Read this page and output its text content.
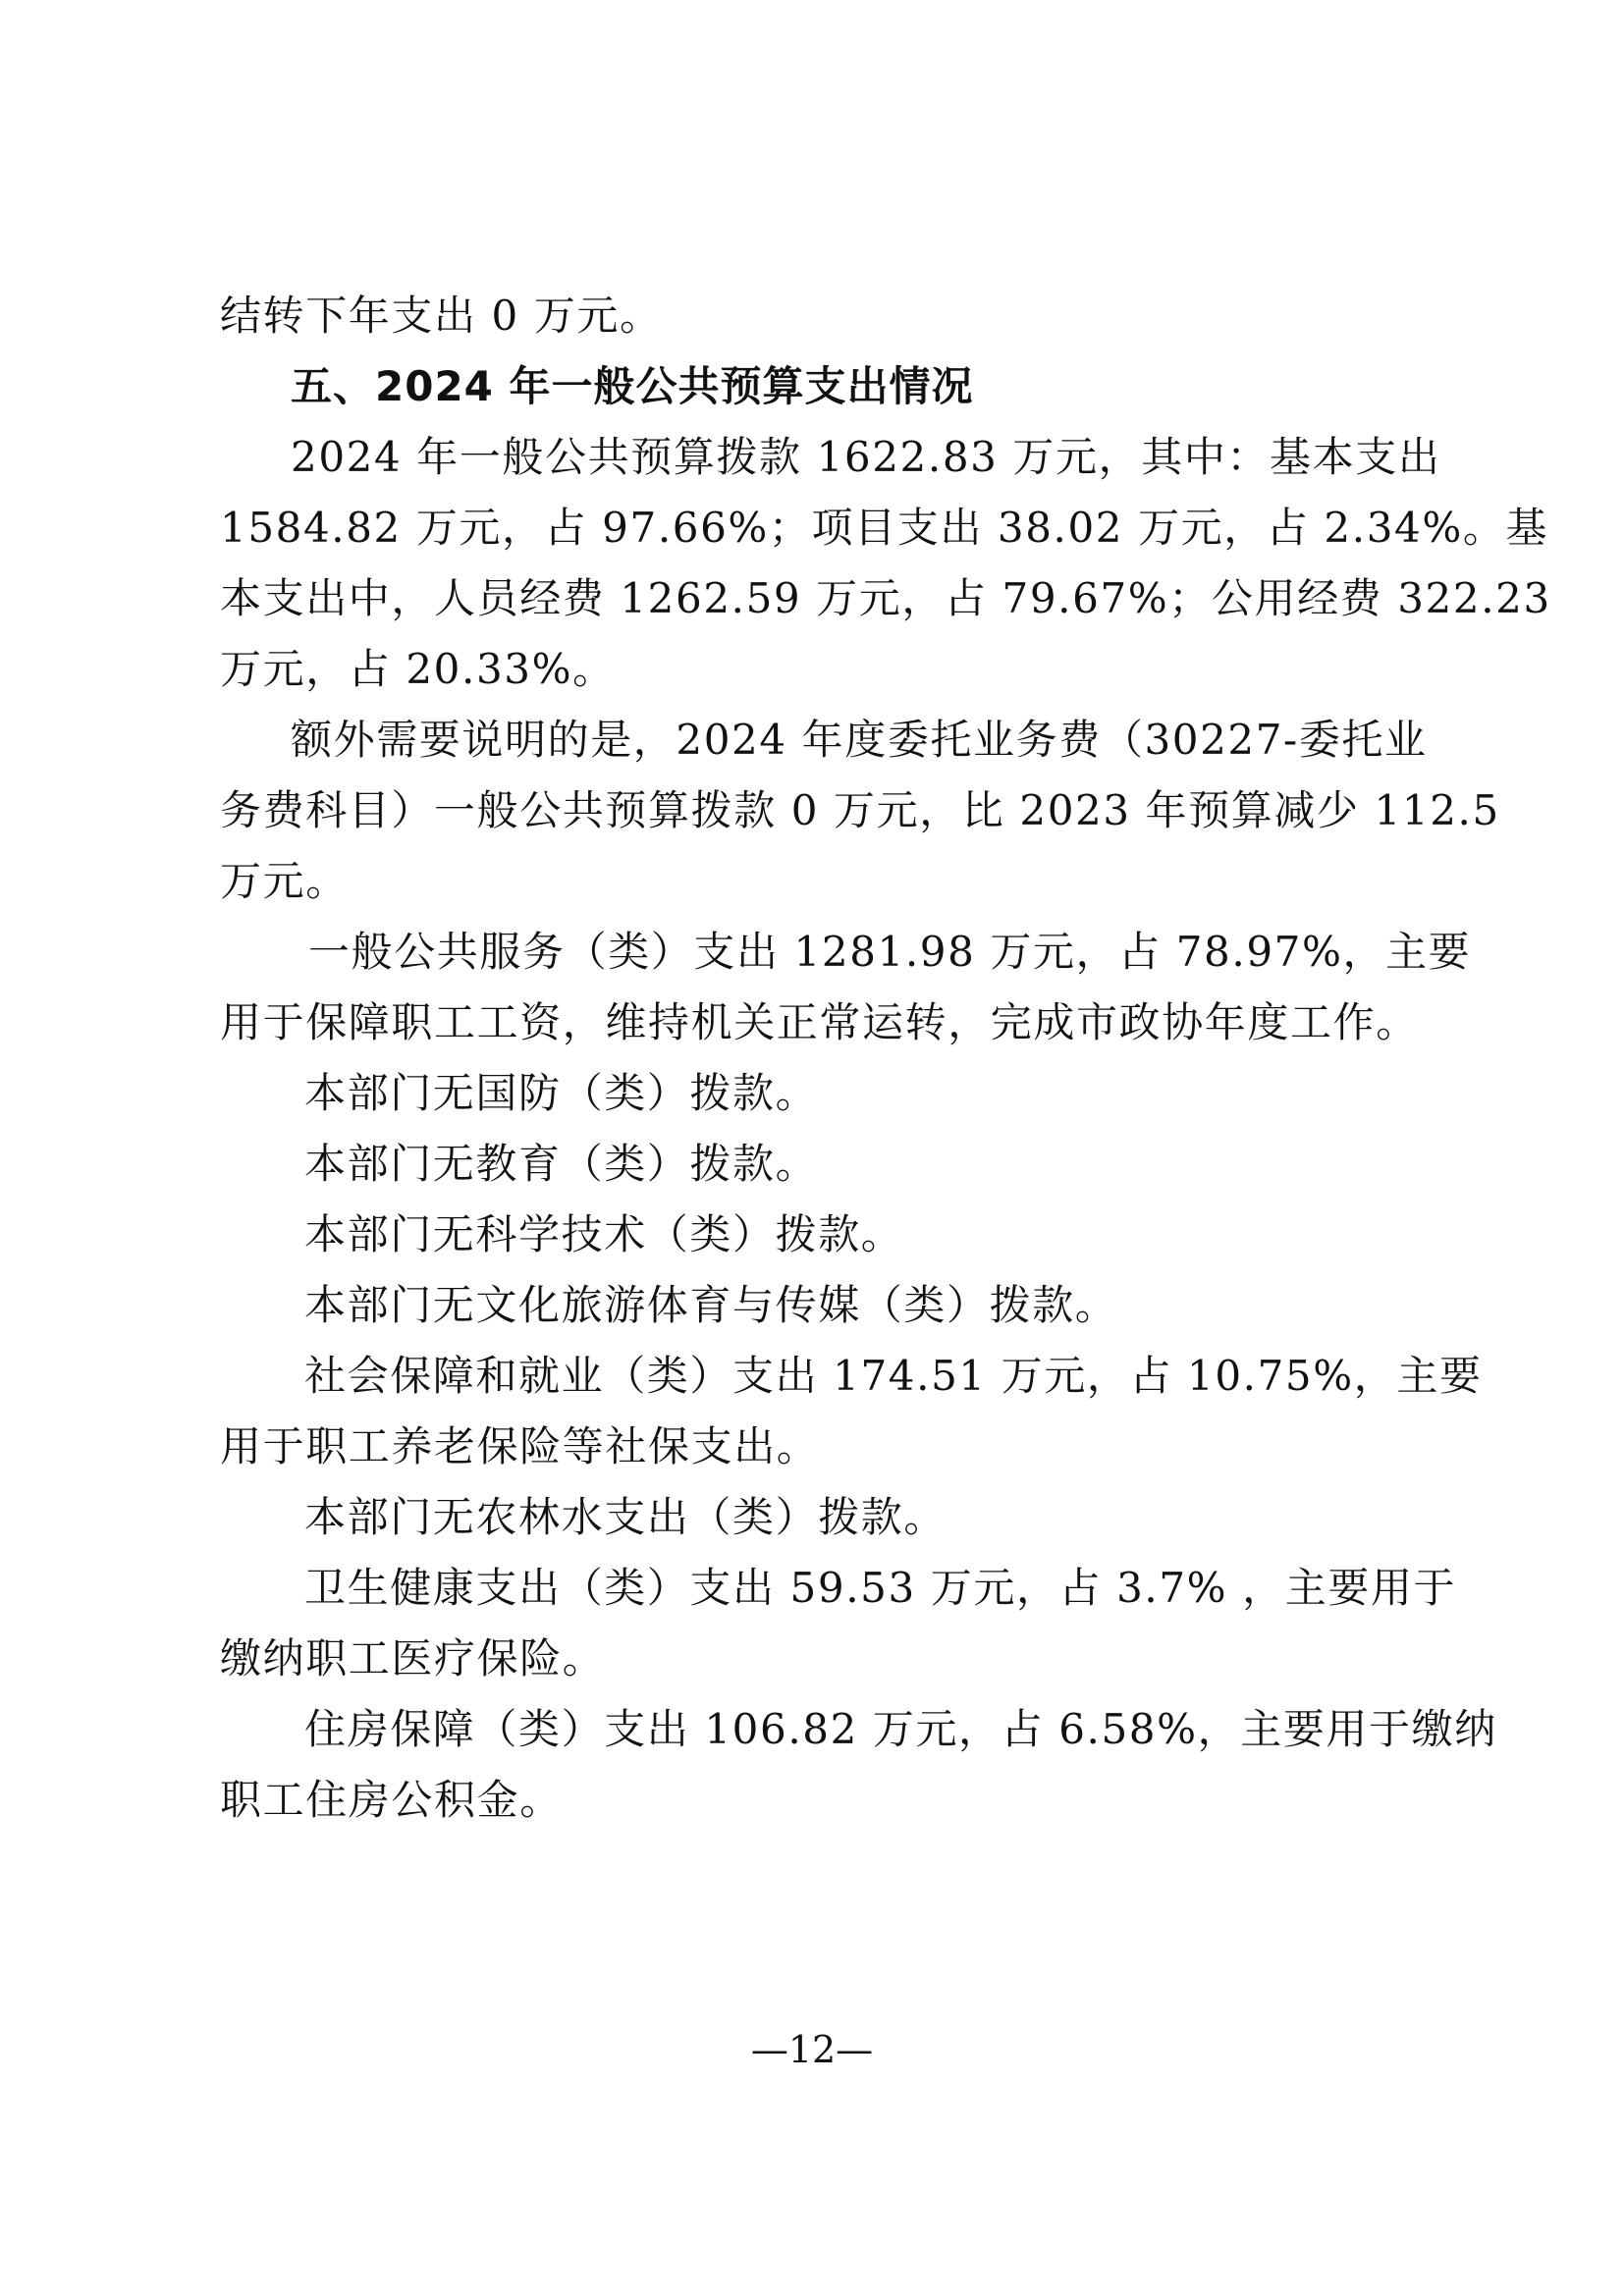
结转下年支出 0 万元。
五、2024 年一般公共预算支出情况
2024 年一般公共预算拨款 1622.83 万元，其中：基本支出
1584.82 万元，占 97.66%；项目支出 38.02 万元，占 2.34%。基
本支出中，人员经费 1262.59 万元，占 79.67%；公用经费 322.23
万元，占 20.33%。
额外需要说明的是，2024 年度委托业务费（30227-委托业
务费科目）一般公共预算拨款 0 万元，比 2023 年预算减少 112.5
万元。
一般公共服务（类）支出 1281.98 万元，占 78.97%，主要
用于保障职工工资，维持机关正常运转，完成市政协年度工作。
本部门无国防（类）拨款。
本部门无教育（类）拨款。
本部门无科学技术（类）拨款。
本部门无文化旅游体育与传媒（类）拨款。
社会保障和就业（类）支出 174.51 万元，占 10.75%，主要
用于职工养老保险等社保支出。
本部门无农林水支出（类）拨款。
卫生健康支出（类）支出 59.53 万元，占 3.7% ，主要用于
缴纳职工医疗保险。
住房保障（类）支出 106.82 万元，占 6.58%，主要用于缴纳
职工住房公积金。
—12—
